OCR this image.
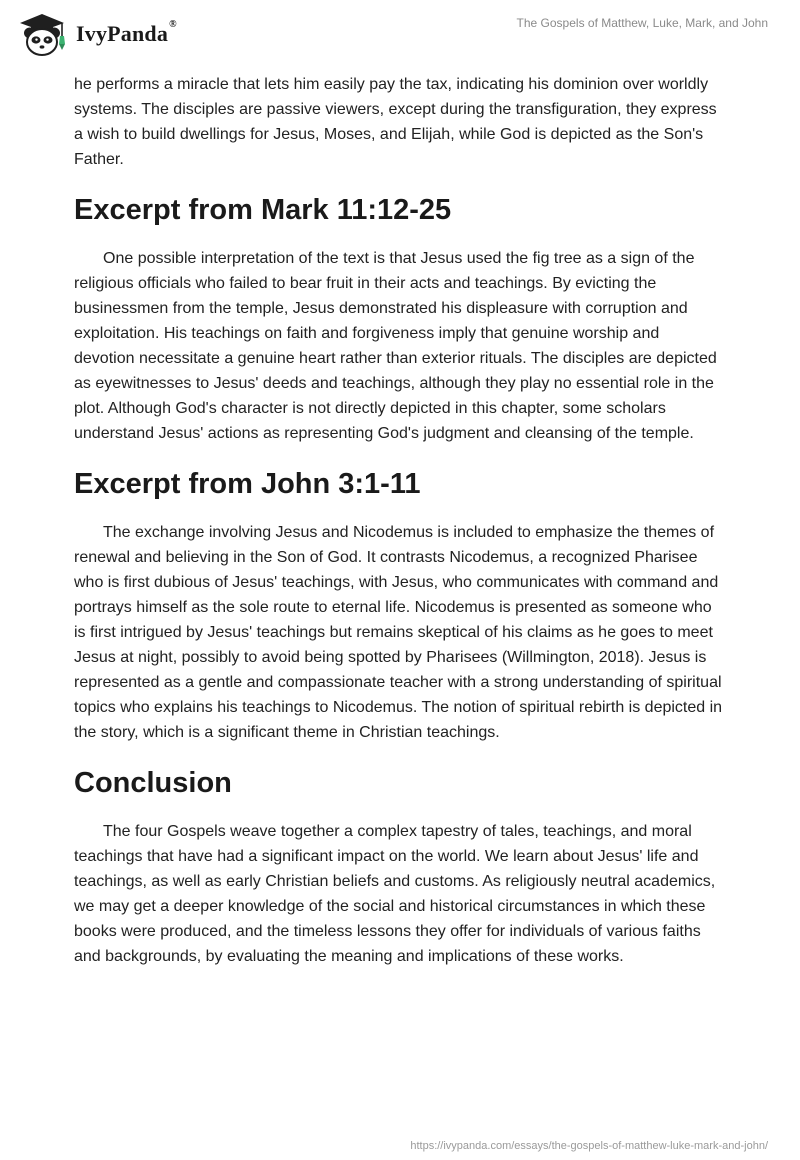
IvyPanda®	The Gospels of Matthew, Luke, Mark, and John

he performs a miracle that lets him easily pay the tax, indicating his dominion over worldly systems. The disciples are passive viewers, except during the transfiguration, they express a wish to build dwellings for Jesus, Moses, and Elijah, while God is depicted as the Son's Father.

Excerpt from Mark 11:12-25

One possible interpretation of the text is that Jesus used the fig tree as a sign of the religious officials who failed to bear fruit in their acts and teachings. By evicting the businessmen from the temple, Jesus demonstrated his displeasure with corruption and exploitation. His teachings on faith and forgiveness imply that genuine worship and devotion necessitate a genuine heart rather than exterior rituals. The disciples are depicted as eyewitnesses to Jesus' deeds and teachings, although they play no essential role in the plot. Although God's character is not directly depicted in this chapter, some scholars understand Jesus' actions as representing God's judgment and cleansing of the temple.

Excerpt from John 3:1-11

The exchange involving Jesus and Nicodemus is included to emphasize the themes of renewal and believing in the Son of God. It contrasts Nicodemus, a recognized Pharisee who is first dubious of Jesus' teachings, with Jesus, who communicates with command and portrays himself as the sole route to eternal life. Nicodemus is presented as someone who is first intrigued by Jesus' teachings but remains skeptical of his claims as he goes to meet Jesus at night, possibly to avoid being spotted by Pharisees (Willmington, 2018). Jesus is represented as a gentle and compassionate teacher with a strong understanding of spiritual topics who explains his teachings to Nicodemus. The notion of spiritual rebirth is depicted in the story, which is a significant theme in Christian teachings.

Conclusion

The four Gospels weave together a complex tapestry of tales, teachings, and moral teachings that have had a significant impact on the world. We learn about Jesus' life and teachings, as well as early Christian beliefs and customs. As religiously neutral academics, we may get a deeper knowledge of the social and historical circumstances in which these books were produced, and the timeless lessons they offer for individuals of various faiths and backgrounds, by evaluating the meaning and implications of these works.

https://ivypanda.com/essays/the-gospels-of-matthew-luke-mark-and-john/
